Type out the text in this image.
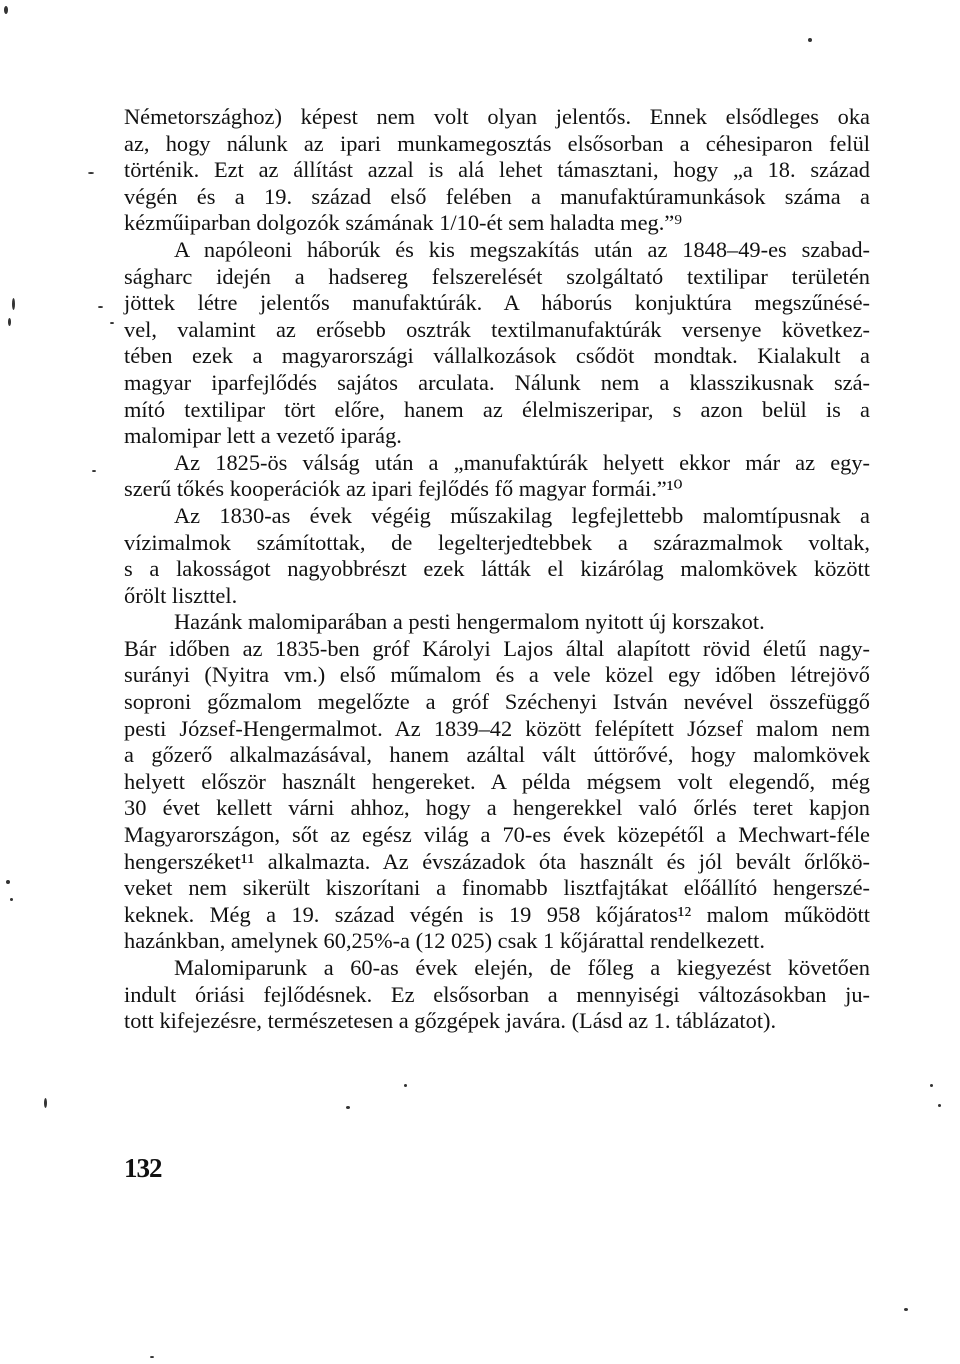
Németországhoz) képest nem volt olyan jelentős. Ennek elsődleges oka
az, hogy nálunk az ipari munkamegosztás elsősorban a céhesiparon felül
történik. Ezt az állítást azzal is alá lehet támasztani, hogy „a 18. század
végén és a 19. század első felében a manufaktúramunkások száma a
kézműiparban dolgozók számának 1/10-ét sem haladta meg.”⁹
A napóleoni háborúk és kis megszakítás után az 1848–49-es szabad-
ságharc idején a hadsereg felszerelését szolgáltató textilipar területén
jöttek létre jelentős manufaktúrák. A háborús konjuktúra megszűnésé-
vel, valamint az erősebb osztrák textilmanufaktúrák versenye következ-
tében ezek a magyarországi vállalkozások csődöt mondtak. Kialakult a
magyar iparfejlődés sajátos arculata. Nálunk nem a klasszikusnak szá-
mító textilipar tört előre, hanem az élelmiszeripar, s azon belül is a
malomipar lett a vezető iparág.
Az 1825-ös válság után a „manufaktúrák helyett ekkor már az egy-
szerű tőkés kooperációk az ipari fejlődés fő magyar formái.”¹⁰
Az 1830-as évek végéig műszakilag legfejlettebb malomtípusnak a
vízimalmok számítottak, de legelterjedtebbek a szárazmalmok voltak,
s a lakosságot nagyobbrészt ezek látták el kizárólag malomkövek között
őrölt liszttel.
Hazánk malomiparában a pesti hengermalom nyitott új korszakot.
Bár időben az 1835-ben gróf Károlyi Lajos által alapított rövid életű nagy-
surányi (Nyitra vm.) első műmalom és a vele közel egy időben létrejövő
soproni gőzmalom megelőzte a gróf Széchenyi István nevével összefüggő
pesti József-Hengermalmot. Az 1839–42 között felépített József malom nem
a gőzerő alkalmazásával, hanem azáltal vált úttörővé, hogy malomkövek
helyett először használt hengereket. A példa mégsem volt elegendő, még
30 évet kellett várni ahhoz, hogy a hengerekkel való őrlés teret kapjon
Magyarországon, sőt az egész világ a 70-es évek közepétől a Mechwart-féle
hengerszéket¹¹ alkalmazta. Az évszázadok óta használt és jól bevált őrlőkö-
veket nem sikerült kiszorítani a finomabb lisztfajtákat előállító hengerszé-
keknek. Még a 19. század végén is 19 958 kőjáratos¹² malom működött
hazánkban, amelynek 60,25%-a (12 025) csak 1 kőjárattal rendelkezett.
Malomiparunk a 60-as évek elején, de főleg a kiegyezést követően
indult óriási fejlődésnek. Ez elsősorban a mennyiségi változásokban ju-
tott kifejezésre, természetesen a gőzgépek javára. (Lásd az 1. táblázatot).
132
